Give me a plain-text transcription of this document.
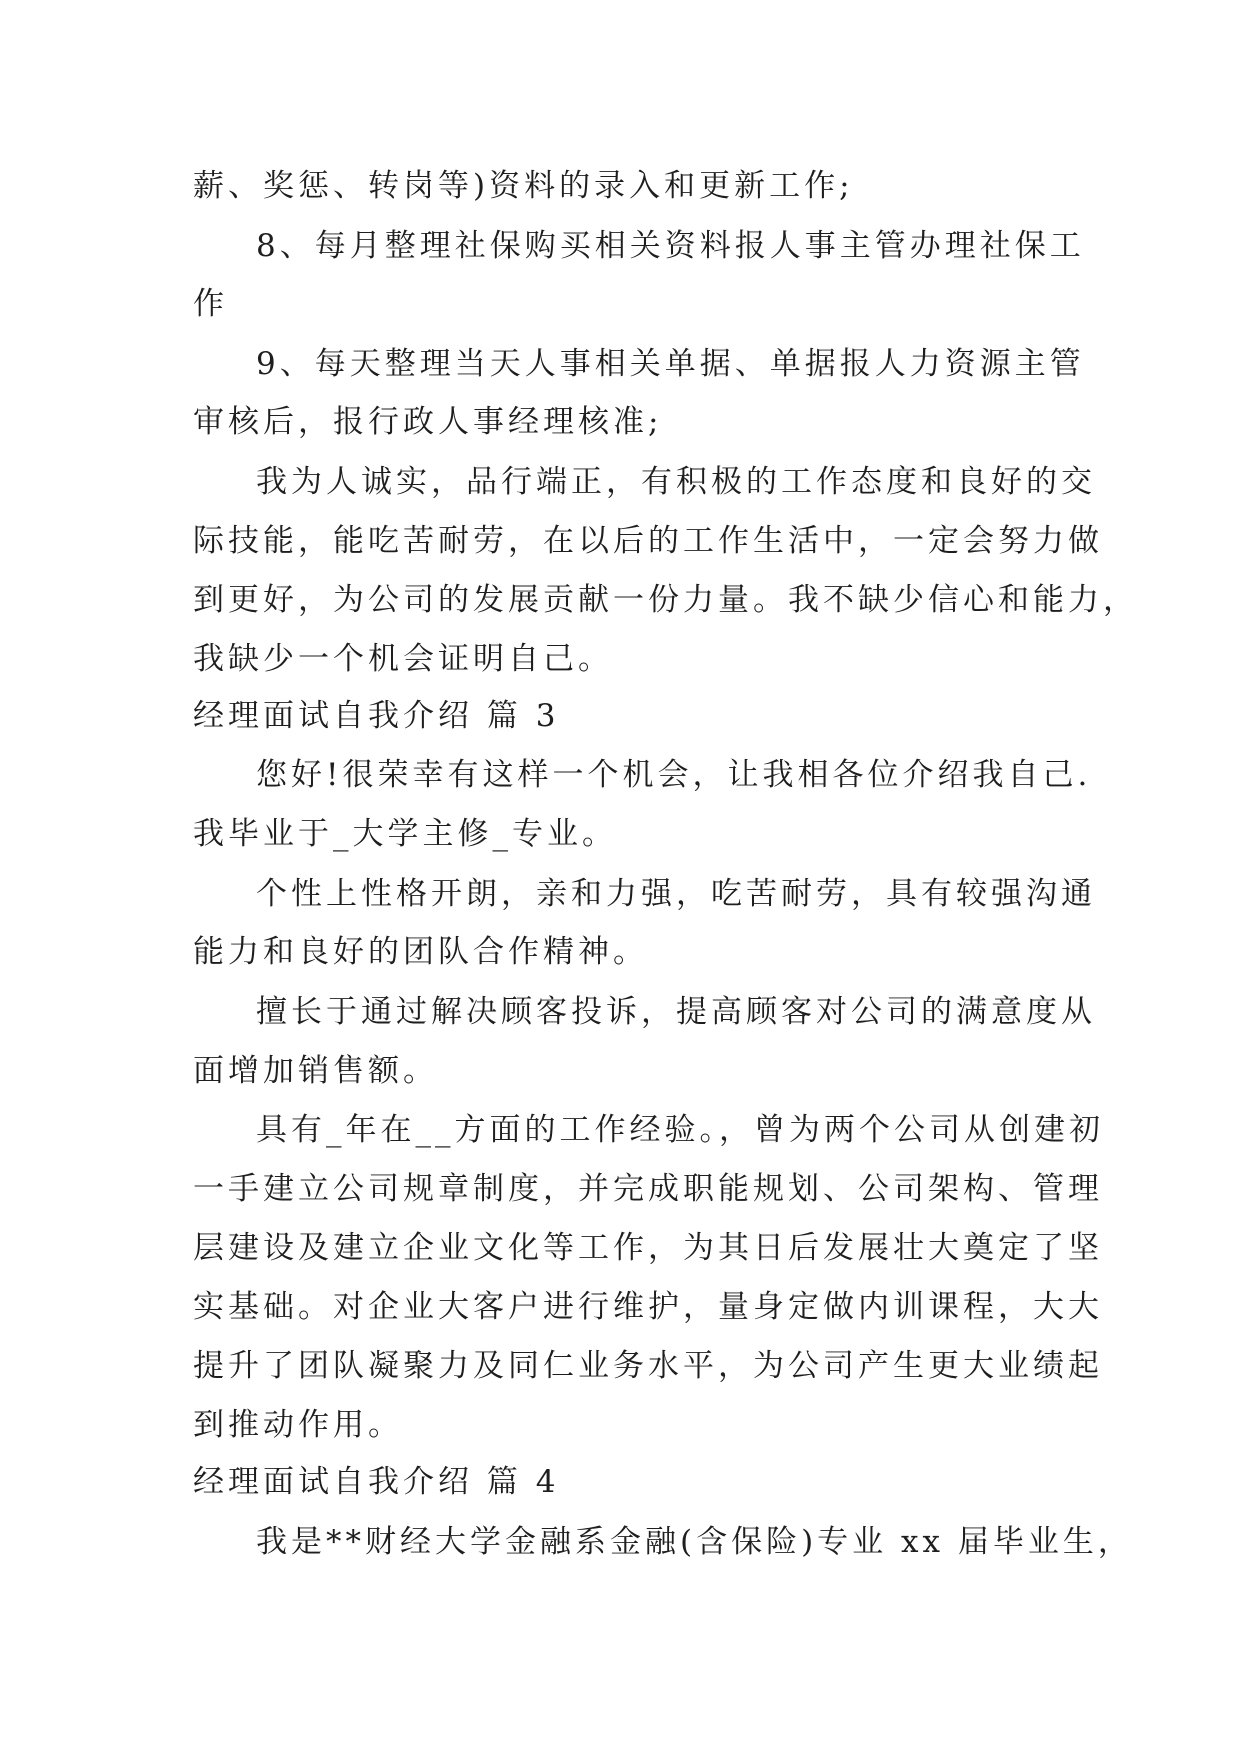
薪、奖惩、转岗等)资料的录入和更新工作;
8、每月整理社保购买相关资料报人事主管办理社保工
作
9、每天整理当天人事相关单据、单据报人力资源主管
审核后，报行政人事经理核准;
我为人诚实，品行端正，有积极的工作态度和良好的交
际技能，能吃苦耐劳，在以后的工作生活中，一定会努力做
到更好，为公司的发展贡献一份力量。我不缺少信心和能力，
我缺少一个机会证明自己。
经理面试自我介绍 篇 3
您好!很荣幸有这样一个机会，让我相各位介绍我自己.
我毕业于_大学主修_专业。
个性上性格开朗，亲和力强，吃苦耐劳，具有较强沟通
能力和良好的团队合作精神。
擅长于通过解决顾客投诉，提高顾客对公司的满意度从
面增加销售额。
具有_年在__方面的工作经验。，曾为两个公司从创建初
一手建立公司规章制度，并完成职能规划、公司架构、管理
层建设及建立企业文化等工作，为其日后发展壮大奠定了坚
实基础。对企业大客户进行维护，量身定做内训课程，大大
提升了团队凝聚力及同仁业务水平，为公司产生更大业绩起
到推动作用。
经理面试自我介绍 篇 4
我是**财经大学金融系金融(含保险)专业 xx 届毕业生，
